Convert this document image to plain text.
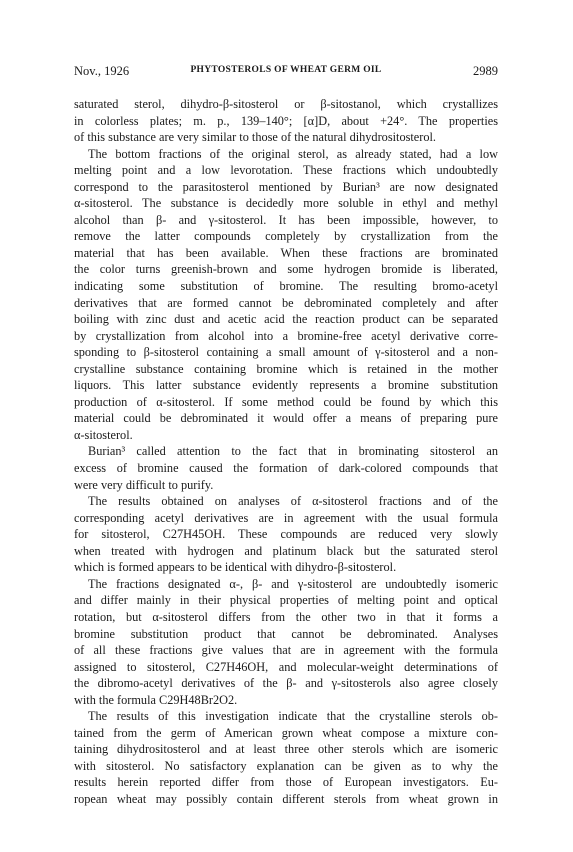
Nov., 1926	PHYTOSTEROLS OF WHEAT GERM OIL	2989
saturated sterol, dihydro-β-sitosterol or β-sitostanol, which crystallizes
in colorless plates; m. p., 139–140°; [α]D, about +24°. The properties
of this substance are very similar to those of the natural dihydrositosterol.
The bottom fractions of the original sterol, as already stated, had a low
melting point and a low levorotation. These fractions which undoubtedly
correspond to the parasitosterol mentioned by Burian³ are now designated
α-sitosterol. The substance is decidedly more soluble in ethyl and methyl
alcohol than β- and γ-sitosterol. It has been impossible, however, to
remove the latter compounds completely by crystallization from the
material that has been available. When these fractions are brominated
the color turns greenish-brown and some hydrogen bromide is liberated,
indicating some substitution of bromine. The resulting bromo-acetyl
derivatives that are formed cannot be debrominated completely and after
boiling with zinc dust and acetic acid the reaction product can be separated
by crystallization from alcohol into a bromine-free acetyl derivative corre-
sponding to β-sitosterol containing a small amount of γ-sitosterol and a non-
crystalline substance containing bromine which is retained in the mother
liquors. This latter substance evidently represents a bromine substitution
production of α-sitosterol. If some method could be found by which this
material could be debrominated it would offer a means of preparing pure
α-sitosterol.
Burian³ called attention to the fact that in brominating sitosterol an
excess of bromine caused the formation of dark-colored compounds that
were very difficult to purify.
The results obtained on analyses of α-sitosterol fractions and of the
corresponding acetyl derivatives are in agreement with the usual formula
for sitosterol, C27H45OH. These compounds are reduced very slowly
when treated with hydrogen and platinum black but the saturated sterol
which is formed appears to be identical with dihydro-β-sitosterol.
The fractions designated α-, β- and γ-sitosterol are undoubtedly isomeric
and differ mainly in their physical properties of melting point and optical
rotation, but α-sitosterol differs from the other two in that it forms a
bromine substitution product that cannot be debrominated. Analyses
of all these fractions give values that are in agreement with the formula
assigned to sitosterol, C27H46OH, and molecular-weight determinations of
the dibromo-acetyl derivatives of the β- and γ-sitosterols also agree closely
with the formula C29H48Br2O2.
The results of this investigation indicate that the crystalline sterols ob-
tained from the germ of American grown wheat compose a mixture con-
taining dihydrositosterol and at least three other sterols which are isomeric
with sitosterol. No satisfactory explanation can be given as to why the
results herein reported differ from those of European investigators. Eu-
ropean wheat may possibly contain different sterols from wheat grown in
